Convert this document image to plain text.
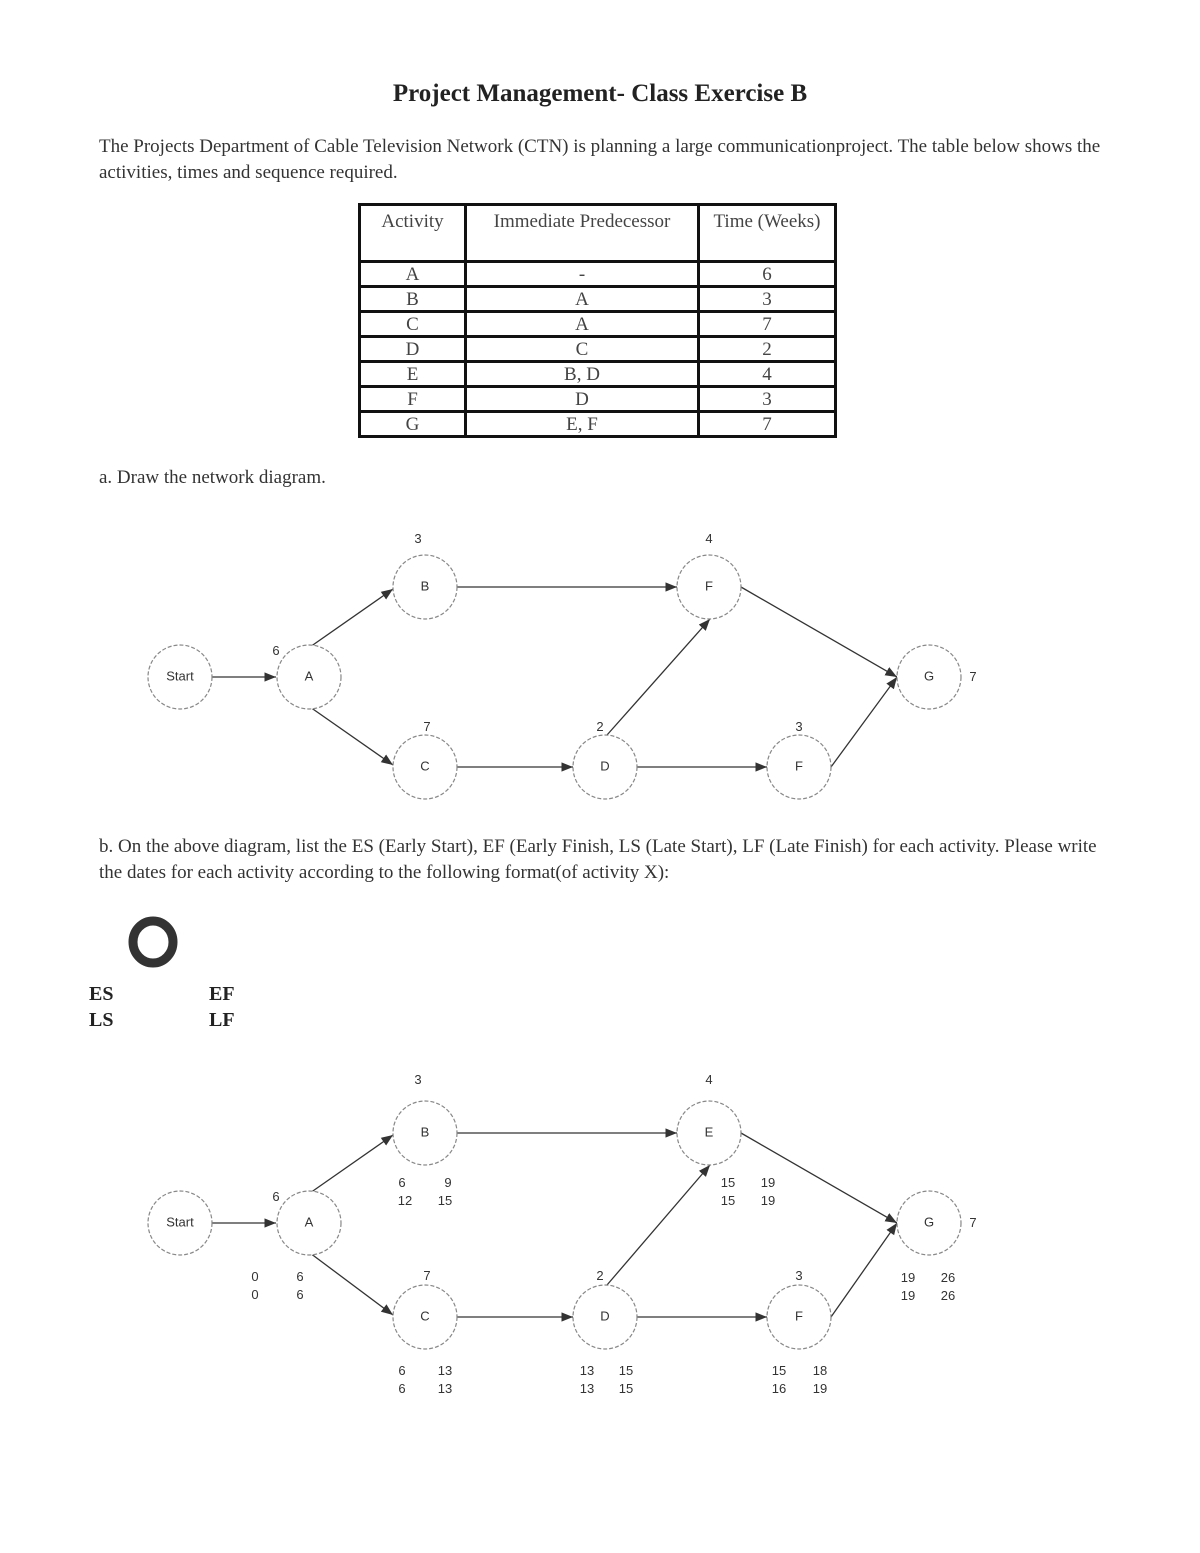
Project Management- Class Exercise B
The Projects Department of Cable Television Network (CTN) is planning a large communicationproject. The table below shows the activities, times and sequence required.
Activity	Immediate Predecessor	Time (Weeks)
A	-	6
B	A	3
C	A	7
D	C	2
E	B, D	4
F	D	3
G	E, F	7
a. Draw the network diagram.
Start	A
B
C	D
F
F
G
6
3
7	2
4
3
7
b. On the above diagram, list the ES (Early Start), EF (Early Finish, LS (Late Start), LF (Late Finish) for each activity. Please write the dates for each activity according to the following format(of activity X):
ES	EF
LS	LF
Start	A
B
C	D
E
F
G
6
3
7	2
4
3
7
0	6
0	6
6	9
12 15
6 13
6 13
13 15
13 15
15 19
15 19
15 18
16 19
19 26
19 26
